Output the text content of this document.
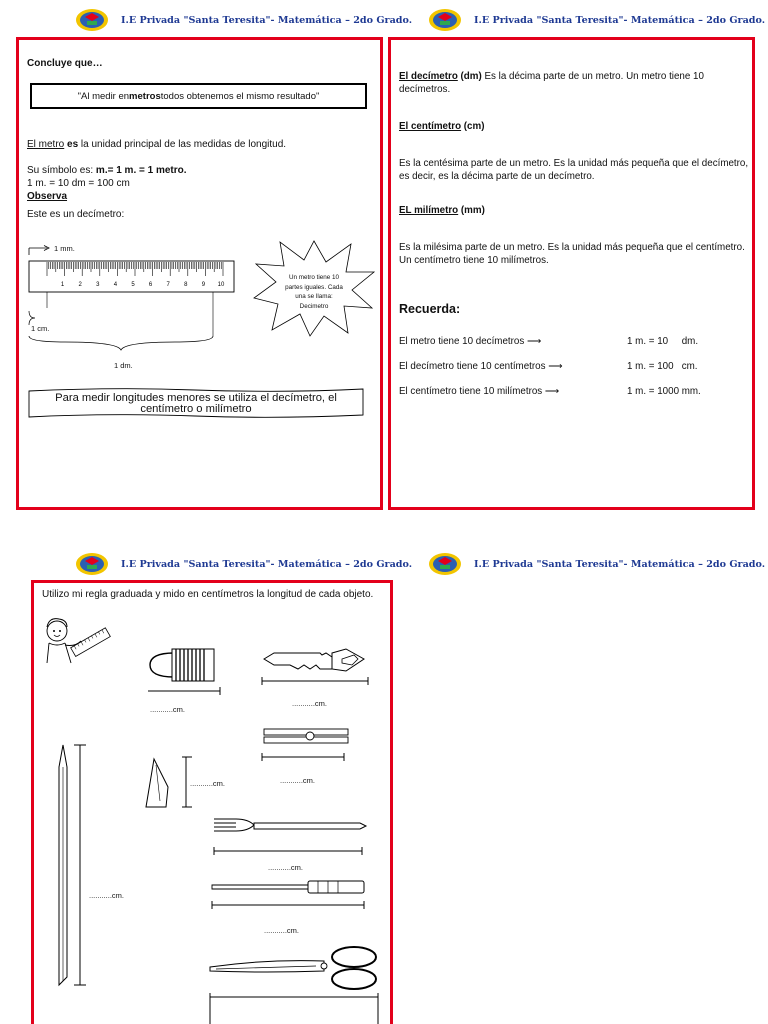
I.E Privada "Santa Teresita"- Matemática – 2do Grado.	I.E Privada "Santa Teresita"- Matemática – 2do Grado.
I.E Privada "Santa Teresita"- Matemática – 2do Grado.	I.E Privada "Santa Teresita"- Matemática – 2do Grado.
Concluye que…
"Al medir en metros todos obtenemos el mismo resultado"
El metro es la unidad principal de las medidas de longitud.
Su símbolo es: m.= 1 m. = 1 metro.
1 m. = 10 dm = 100 cm
Observa
Este es un decímetro:
1 2 3 4 5 6 7 8 9 10
1 mm.
1 cm.
1 dm.
Un metro tiene 10 partes iguales. Cada una se llama: Decimetro
Para medir longitudes menores se utiliza el decímetro, el centímetro o milímetro
El decímetro (dm) Es la décima parte de un metro. Un metro tiene 10 decímetros.
El centímetro (cm)
Es la centésima parte de un metro. Es la unidad más pequeña que el decímetro, es decir, es la décima parte de un decímetro.
EL milímetro (mm)
Es la milésima parte de un metro. Es la unidad más pequeña que el centímetro. Un centímetro tiene 10 milímetros.
Recuerda:
El metro tiene 10 decímetros ⟶	1 m. = 10     dm.
El decímetro tiene 10 centímetros ⟶	1 m. = 100   cm.
El centímetro tiene 10 milímetros ⟶	1 m. = 1000 mm.
Utilizo mi regla graduada y mido en centímetros la longitud de cada objeto.
...........cm.
...........cm.
...........cm.
...........cm.
...........cm.
...........cm.
...........cm.
